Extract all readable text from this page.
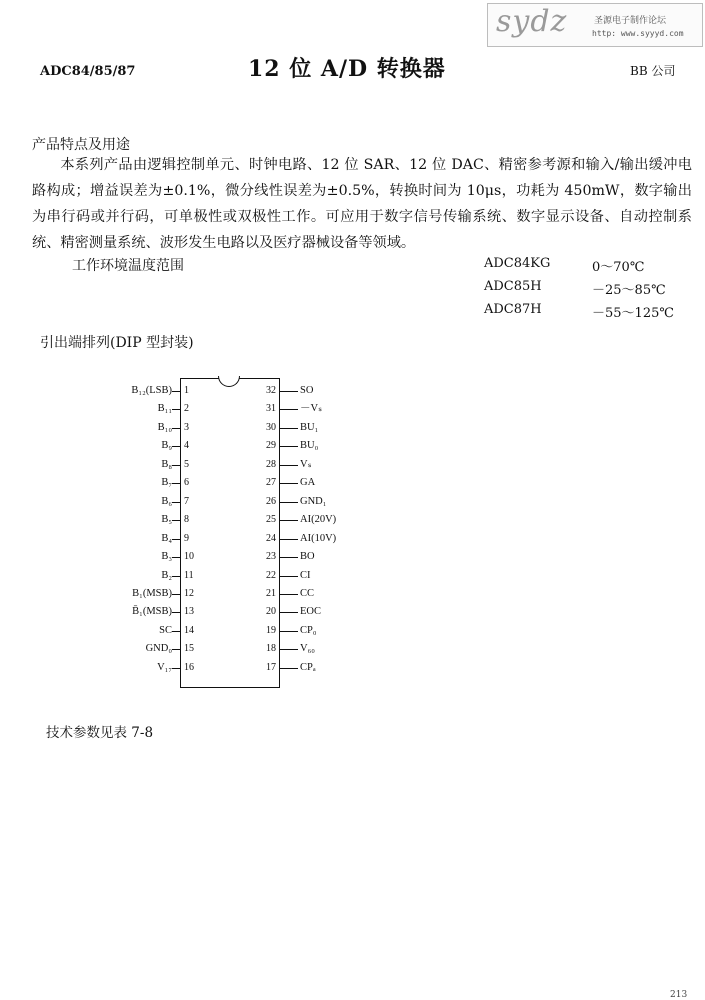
sydz	圣源电子制作论坛
http: www.syyyd.com
ADC84/85/87	12 位 A/D 转换器	BB 公司
产品特点及用途

本系列产品由逻辑控制单元、时钟电路、12 位 SAR、12 位 DAC、精密参考源和输入/输出缓冲电路构成；增益误差为±0.1%，微分线性误差为±0.5%，转换时间为 10μs，功耗为 450mW，数字输出为串行码或并行码，可单极性或双极性工作。可应用于数字信号传输系统、数字显示设备、自动控制系统、精密测量系统、波形发生电路以及医疗器械设备等领域。

工作环境温度范围	ADC84KG	0～70℃
ADC85H	－25～85℃
ADC87H	－55～125℃
引出端排列(DIP 型封装)
B₁₂(LSB) 1
B₁₁ 2
B₁₀ 3
B₉ 4
B₈ 5
B₇ 6
B₆ 7
B₅ 8
B₄ 9
B₃ 10
B₂ 11
B₁(MSB) 12
B̄₁(MSB) 13
SC 14
GND₀ 15
V₁₇ 16
32 SO
31 －Vₛ
30 BU₁
29 BU₀
28 Vₛ
27 GA
26 GND₁
25 AI(20V)
24 AI(10V)
23 BO
22 CI
21 CC
20 EOC
19 CP₀
18 V₆₀
17 CPₐ
技术参数见表 7-8
213
